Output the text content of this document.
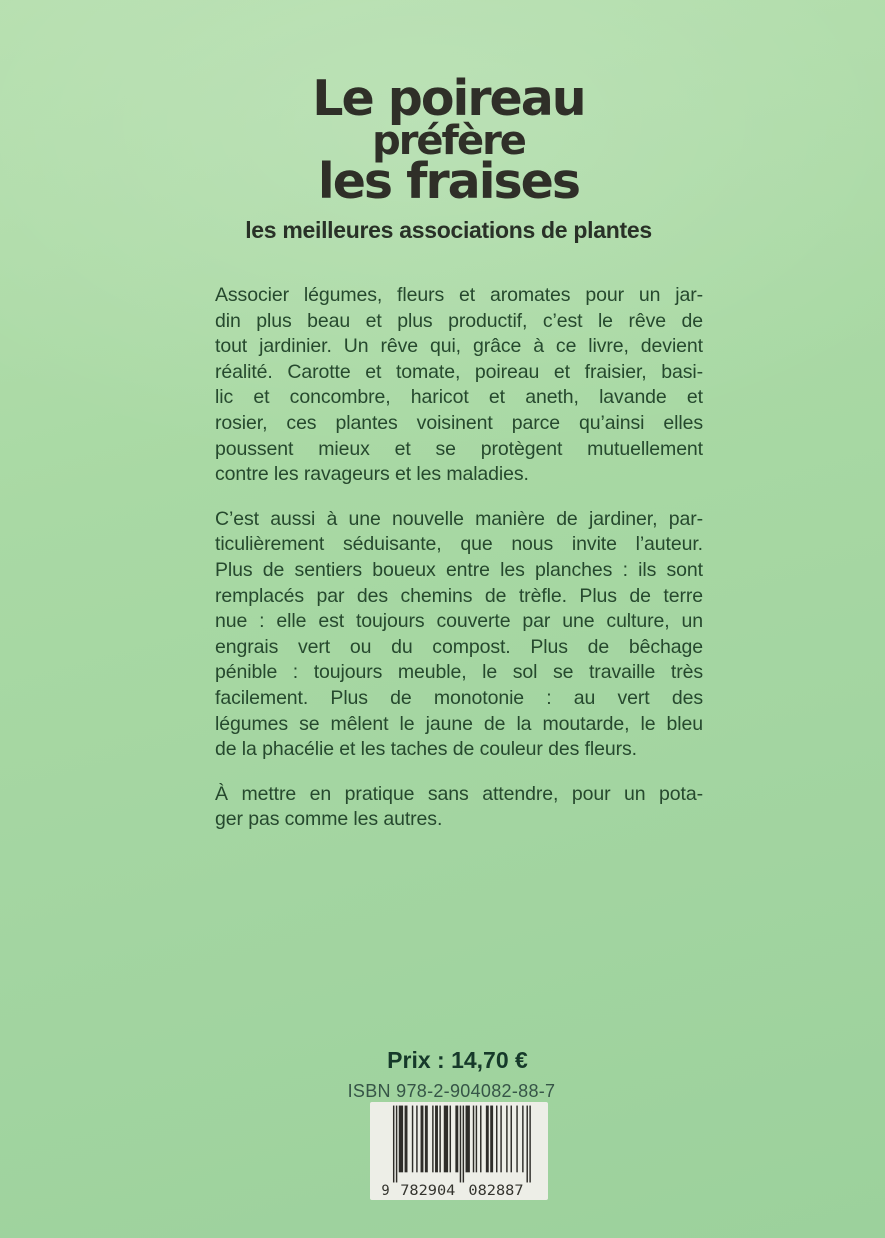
Le poireau
préfère
les fraises
les meilleures associations de plantes
Associer légumes, fleurs et aromates pour un jar-
din plus beau et plus productif, c’est le rêve de
tout jardinier. Un rêve qui, grâce à ce livre, devient
réalité. Carotte et tomate, poireau et fraisier, basi-
lic et concombre, haricot et aneth, lavande et
rosier, ces plantes voisinent parce qu’ainsi elles
poussent mieux et se protègent mutuellement
contre les ravageurs et les maladies.
C’est aussi à une nouvelle manière de jardiner, par-
ticulièrement séduisante, que nous invite l’auteur.
Plus de sentiers boueux entre les planches : ils sont
remplacés par des chemins de trèfle. Plus de terre
nue : elle est toujours couverte par une culture, un
engrais vert ou du compost. Plus de bêchage
pénible : toujours meuble, le sol se travaille très
facilement. Plus de monotonie : au vert des
légumes se mêlent le jaune de la moutarde, le bleu
de la phacélie et les taches de couleur des fleurs.
À mettre en pratique sans attendre, pour un pota-
ger pas comme les autres.
Prix : 14,70 €
ISBN 978-2-904082-88-7
9 782904 082887
